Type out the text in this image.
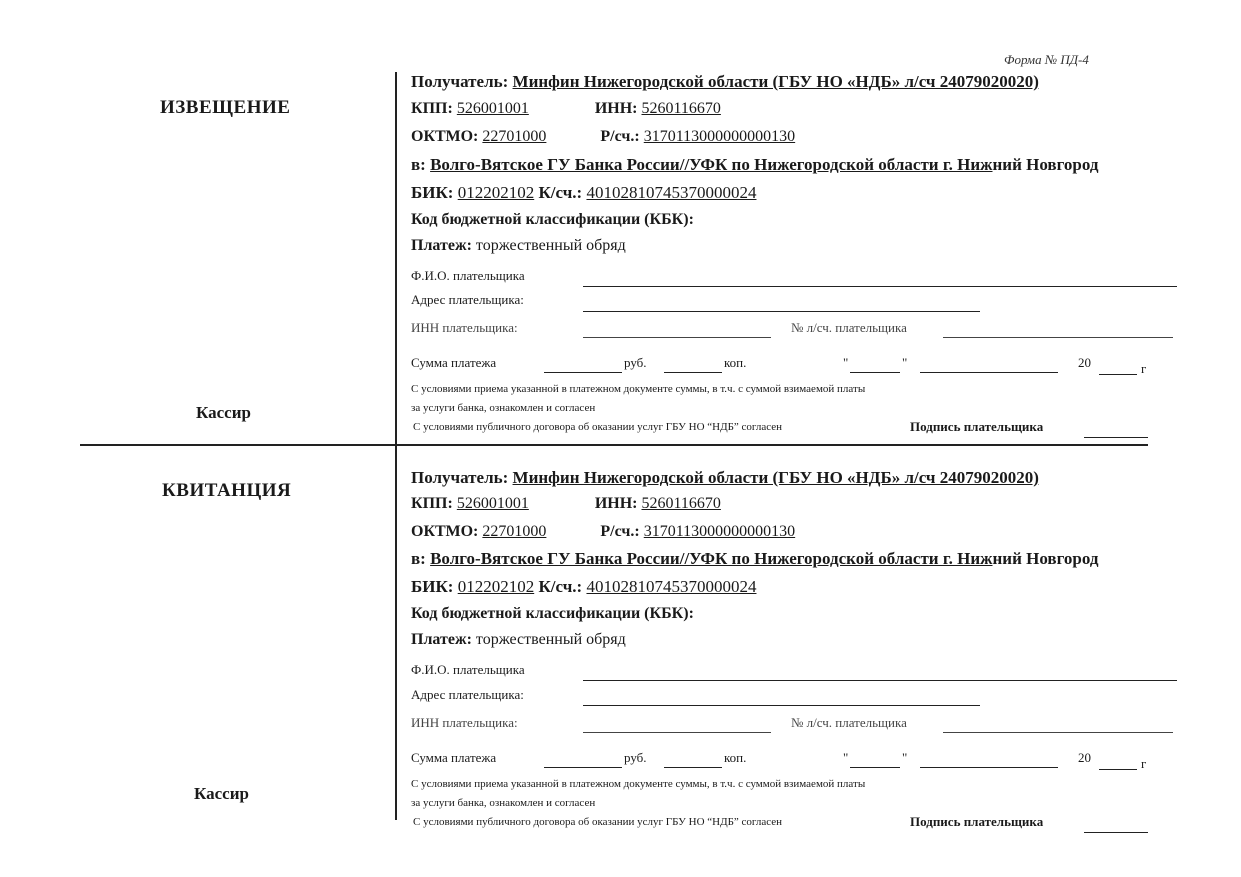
Форма № ПД-4
ИЗВЕЩЕНИЕ
Кассир
Получатель: Минфин Нижегородской области (ГБУ НО «НДБ» л/сч 24079020020)
КПП: 526001001	ИНН: 5260116670
ОКТМО: 22701000	Р/сч.: 3170113000000000130
в: Волго-Вятское ГУ Банка России//УФК по Нижегородской области г. Нижний Новгород
БИК: 012202102 К/сч.: 40102810745370000024
Код бюджетной классификации (КБК):
Платеж: торжественный обряд
Ф.И.О. плательщика
Адрес плательщика:
ИНН плательщика:	№ л/сч. плательщика
Сумма платежа	руб.	коп.	"	"	20	г
С условиями приема указанной в платежном документе суммы, в т.ч. с суммой взимаемой платы
за услуги банка, ознакомлен и согласен
С условиями публичного договора об оказании услуг ГБУ НО “НДБ” согласен	Подпись плательщика
КВИТАНЦИЯ
Кассир
Получатель: Минфин Нижегородской области (ГБУ НО «НДБ» л/сч 24079020020)
КПП: 526001001	ИНН: 5260116670
ОКТМО: 22701000	Р/сч.: 3170113000000000130
в: Волго-Вятское ГУ Банка России//УФК по Нижегородской области г. Нижний Новгород
БИК: 012202102 К/сч.: 40102810745370000024
Код бюджетной классификации (КБК):
Платеж: торжественный обряд
Ф.И.О. плательщика
Адрес плательщика:
ИНН плательщика:	№ л/сч. плательщика
Сумма платежа	руб.	коп.	"	"	20	г
С условиями приема указанной в платежном документе суммы, в т.ч. с суммой взимаемой платы
за услуги банка, ознакомлен и согласен
С условиями публичного договора об оказании услуг ГБУ НО “НДБ” согласен	Подпись плательщика
